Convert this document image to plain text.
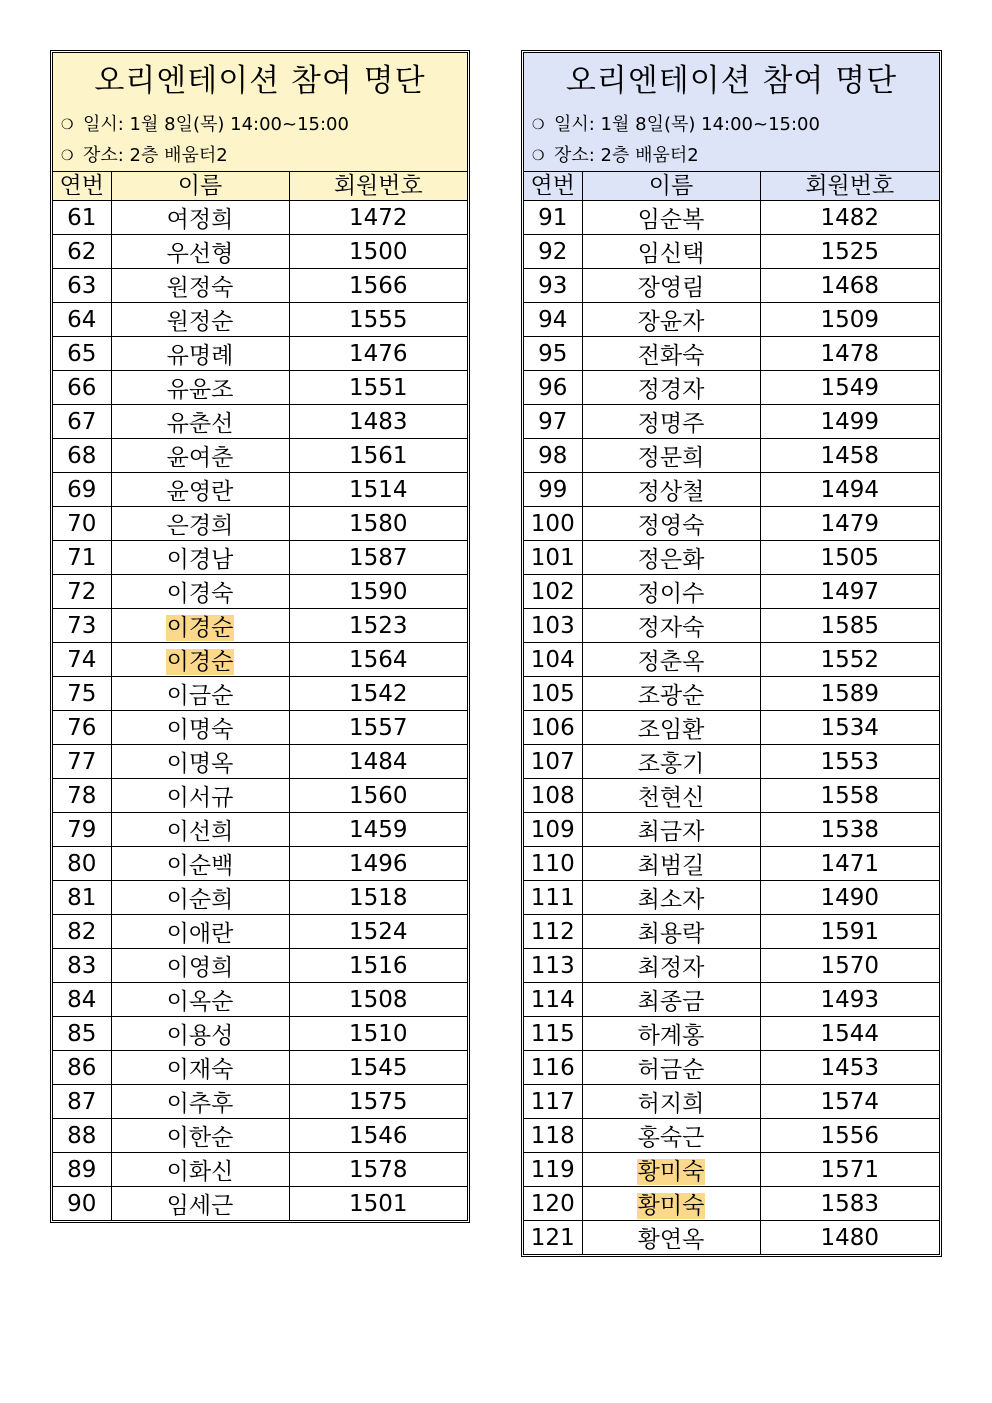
오리엔테이션 참여 명단
❍ 일시: 1월 8일(목) 14:00~15:00
❍ 장소: 2층 배움터2
연번	이름	회원번호
61	여정희	1472
62	우선형	1500
63	원정숙	1566
64	원정순	1555
65	유명례	1476
66	유윤조	1551
67	유춘선	1483
68	윤여춘	1561
69	윤영란	1514
70	은경희	1580
71	이경남	1587
72	이경숙	1590
73	이경순	1523
74	이경순	1564
75	이금순	1542
76	이명숙	1557
77	이명옥	1484
78	이서규	1560
79	이선희	1459
80	이순백	1496
81	이순희	1518
82	이애란	1524
83	이영희	1516
84	이옥순	1508
85	이용성	1510
86	이재숙	1545
87	이추후	1575
88	이한순	1546
89	이화신	1578
90	임세근	1501
오리엔테이션 참여 명단
❍ 일시: 1월 8일(목) 14:00~15:00
❍ 장소: 2층 배움터2
연번	이름	회원번호
91	임순복	1482
92	임신택	1525
93	장영림	1468
94	장윤자	1509
95	전화숙	1478
96	정경자	1549
97	정명주	1499
98	정문희	1458
99	정상철	1494
100	정영숙	1479
101	정은화	1505
102	정이수	1497
103	정자숙	1585
104	정춘옥	1552
105	조광순	1589
106	조임환	1534
107	조홍기	1553
108	천현신	1558
109	최금자	1538
110	최범길	1471
111	최소자	1490
112	최용락	1591
113	최정자	1570
114	최종금	1493
115	하계홍	1544
116	허금순	1453
117	허지희	1574
118	홍숙근	1556
119	황미숙	1571
120	황미숙	1583
121	황연옥	1480
